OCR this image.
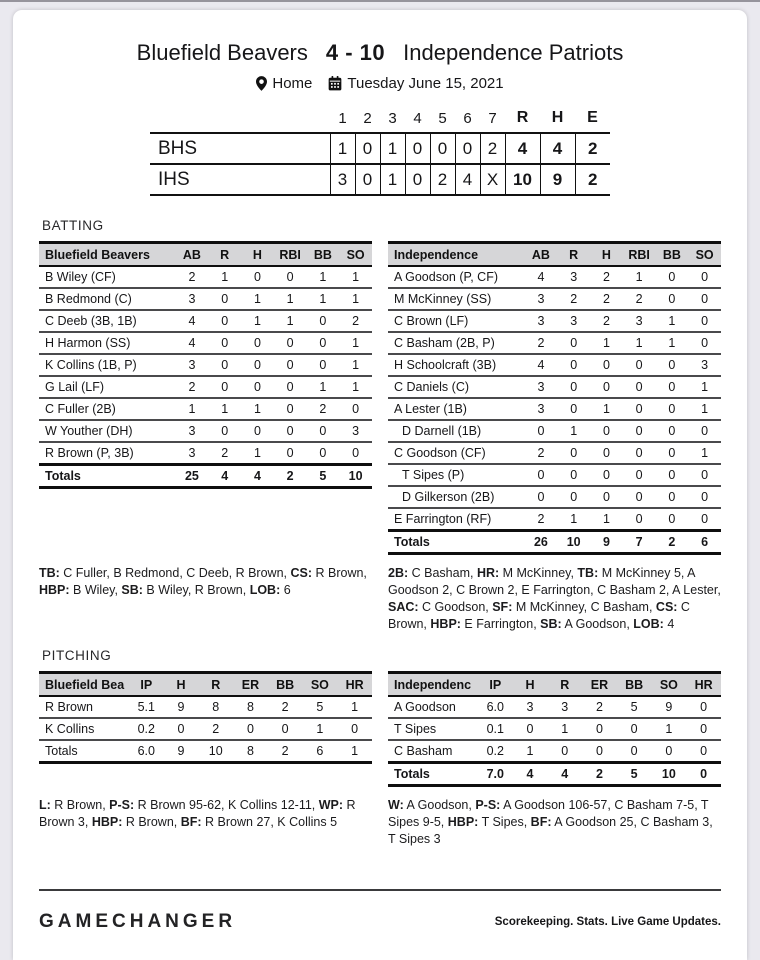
Bluefield Beavers 4 - 10 Independence Patriots
Home Tuesday June 15, 2021
	1	2	3	4	5	6	7	R	H	E
BHS	1	0	1	0	0	0	2	4	4	2
IHS	3	0	1	0	2	4	X	10	9	2
BATTING
Bluefield Beavers	AB	R	H	RBI	BB	SO
B Wiley (CF)	2	1	0	0	1	1
B Redmond (C)	3	0	1	1	1	1
C Deeb (3B, 1B)	4	0	1	1	0	2
H Harmon (SS)	4	0	0	0	0	1
K Collins (1B, P)	3	0	0	0	0	1
G Lail (LF)	2	0	0	0	1	1
C Fuller (2B)	1	1	1	0	2	0
W Youther (DH)	3	0	0	0	0	3
R Brown (P, 3B)	3	2	1	0	0	0
Totals	25	4	4	2	5	10
Independence	AB	R	H	RBI	BB	SO
A Goodson (P, CF)	4	3	2	1	0	0
M McKinney (SS)	3	2	2	2	0	0
C Brown (LF)	3	3	2	3	1	0
C Basham (2B, P)	2	0	1	1	1	0
H Schoolcraft (3B)	4	0	0	0	0	3
C Daniels (C)	3	0	0	0	0	1
A Lester (1B)	3	0	1	0	0	1
D Darnell (1B)	0	1	0	0	0	0
C Goodson (CF)	2	0	0	0	0	1
T Sipes (P)	0	0	0	0	0	0
D Gilkerson (2B)	0	0	0	0	0	0
E Farrington (RF)	2	1	1	0	0	0
Totals	26	10	9	7	2	6

TB: C Fuller, B Redmond, C Deeb, R Brown, CS: R Brown, HBP: B Wiley, SB: B Wiley, R Brown, LOB: 6

2B: C Basham, HR: M McKinney, TB: M McKinney 5, A Goodson 2, C Brown 2, E Farrington, C Basham 2, A Lester, SAC: C Goodson, SF: M McKinney, C Basham, CS: C Brown, HBP: E Farrington, SB: A Goodson, LOB: 4

PITCHING
Bluefield Bea	IP	H	R	ER	BB	SO	HR
R Brown	5.1	9	8	8	2	5	1
K Collins	0.2	0	2	0	0	1	0
Totals	6.0	9	10	8	2	6	1
Independenc	IP	H	R	ER	BB	SO	HR
A Goodson	6.0	3	3	2	5	9	0
T Sipes	0.1	0	1	0	0	1	0
C Basham	0.2	1	0	0	0	0	0
Totals	7.0	4	4	2	5	10	0

L: R Brown, P-S: R Brown 95-62, K Collins 12-11, WP: R Brown 3, HBP: R Brown, BF: R Brown 27, K Collins 5

W: A Goodson, P-S: A Goodson 106-57, C Basham 7-5, T Sipes 9-5, HBP: T Sipes, BF: A Goodson 25, C Basham 3, T Sipes 3

GAMECHANGER	Scorekeeping. Stats. Live Game Updates.
